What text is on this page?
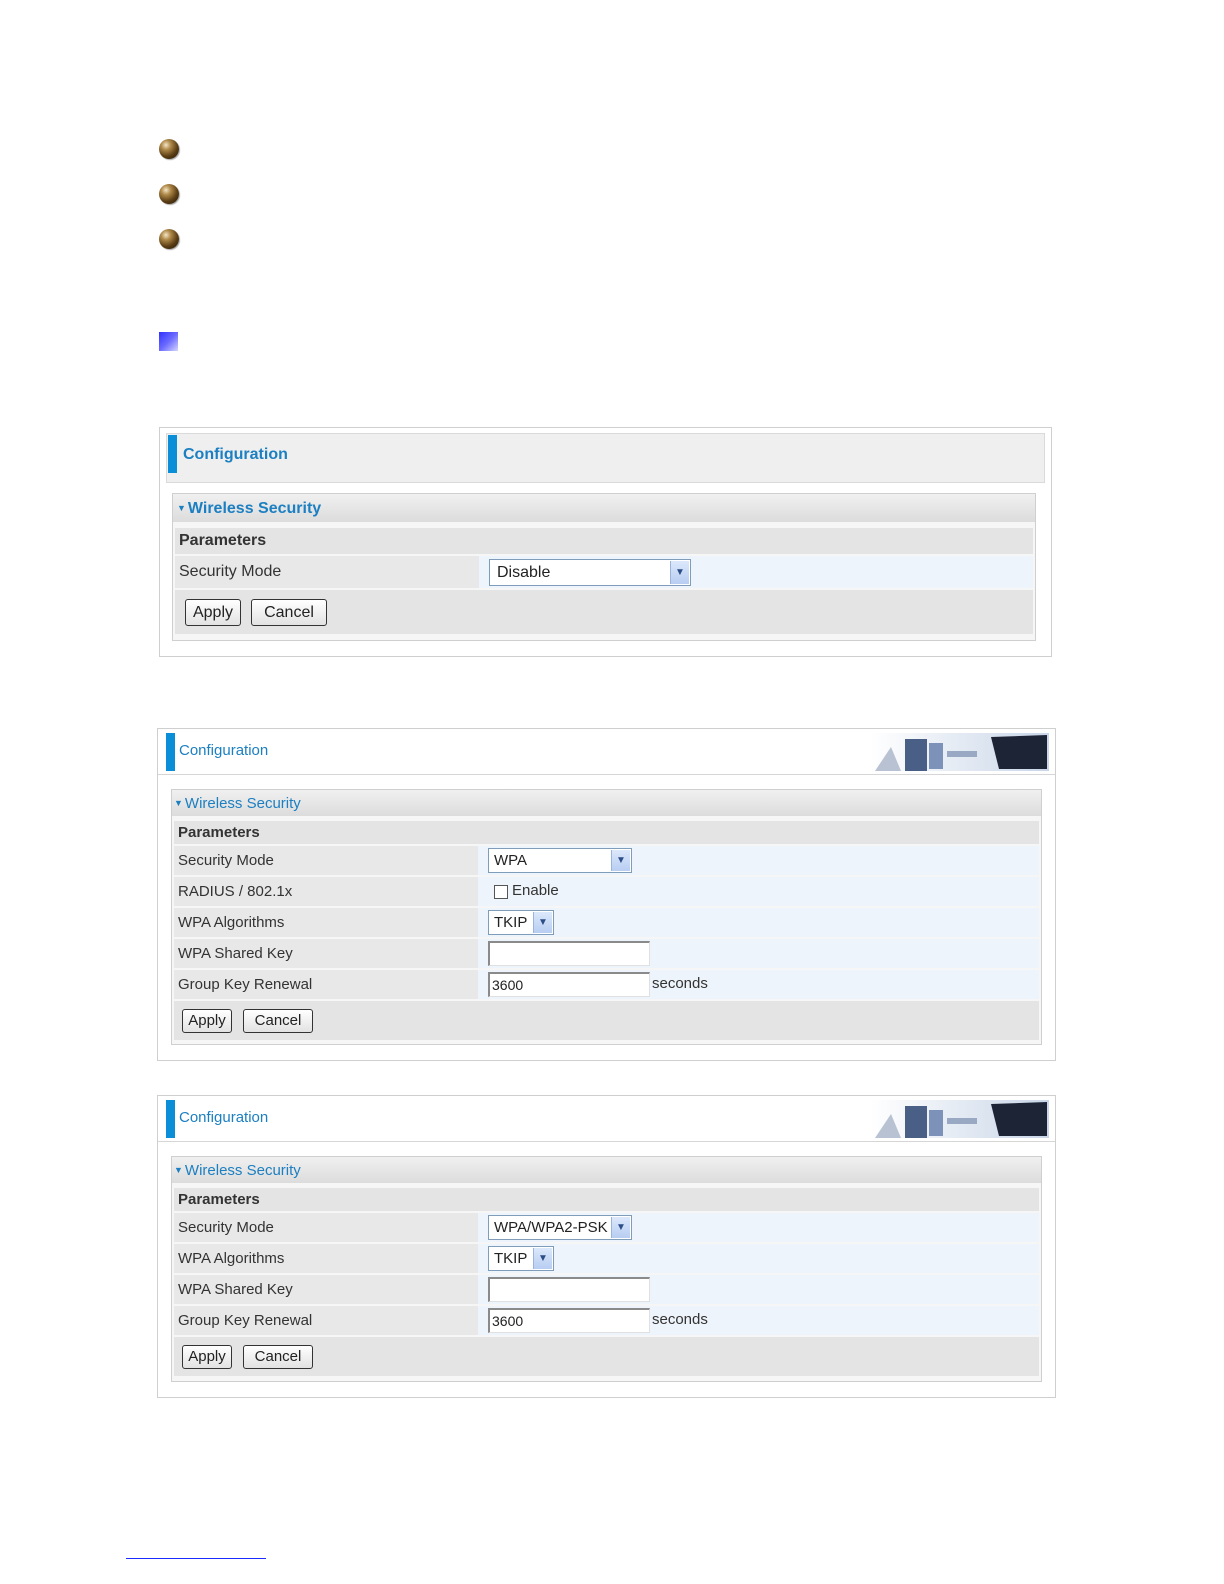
Configuration
▼ Wireless Security
Parameters
Security Mode	Disable	▼
Apply	Cancel
Configuration
▼ Wireless Security
Parameters
Security Mode	WPA	▼
RADIUS / 802.1x	Enable
WPA Algorithms	TKIP	▼
WPA Shared Key
Group Key Renewal	3600	seconds
Apply	Cancel
Configuration
▼ Wireless Security
Parameters
Security Mode	WPA/WPA2-PSK ▼
WPA Algorithms	TKIP	▼
WPA Shared Key
Group Key Renewal	3600	seconds
Apply	Cancel
